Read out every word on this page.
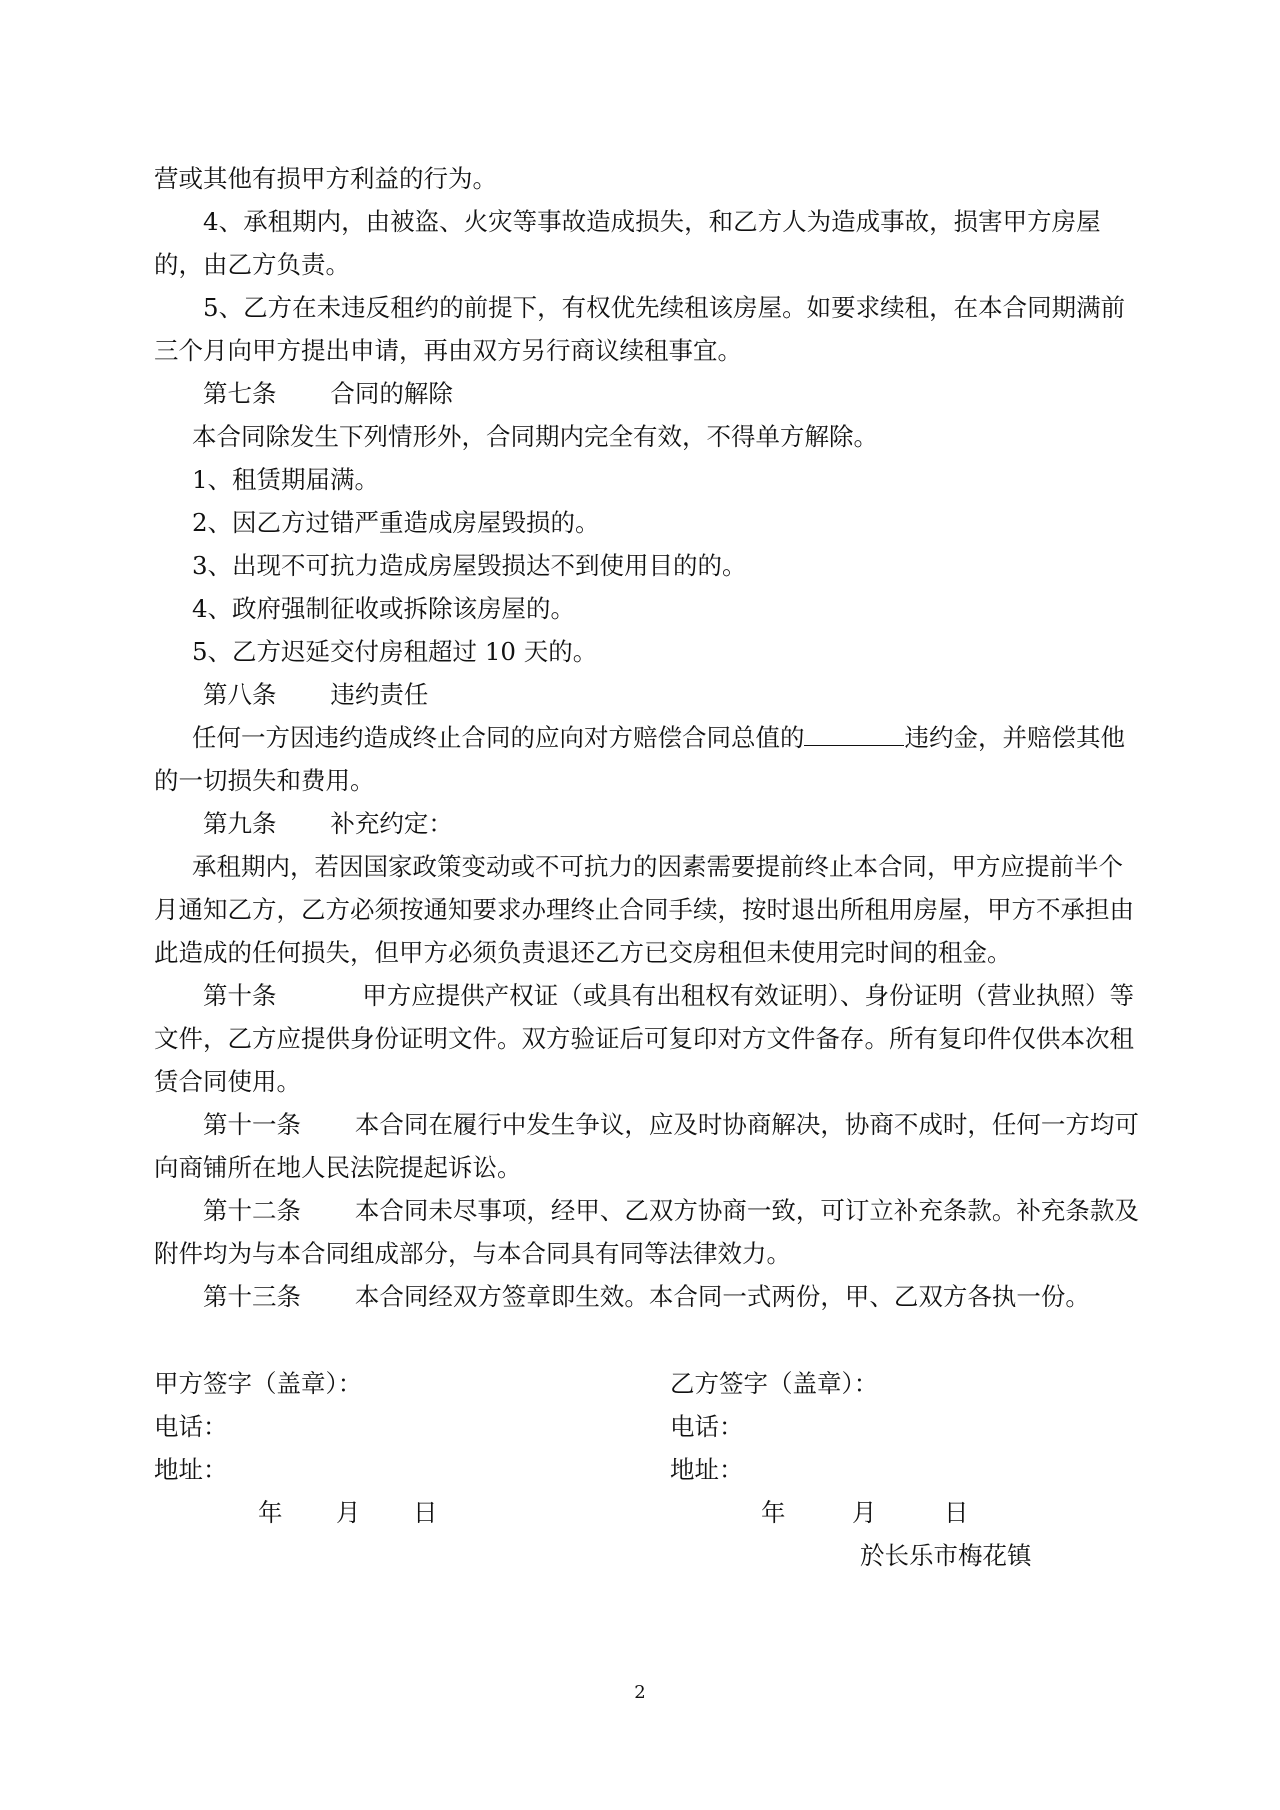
营或其他有损甲方利益的行为。

4、承租期内，由被盗、火灾等事故造成损失，和乙方人为造成事故，损害甲方房屋的，由乙方负责。

5、乙方在未违反租约的前提下，有权优先续租该房屋。如要求续租，在本合同期满前三个月向甲方提出申请，再由双方另行商议续租事宜。

第七条 合同的解除

本合同除发生下列情形外，合同期内完全有效，不得单方解除。

1、租赁期届满。

2、因乙方过错严重造成房屋毁损的。

3、出现不可抗力造成房屋毁损达不到使用目的的。

4、政府强制征收或拆除该房屋的。

5、乙方迟延交付房租超过 10 天的。

第八条 违约责任

任何一方因违约造成终止合同的应向对方赔偿合同总值的	违约金，并赔偿其他的一切损失和费用。

第九条 补充约定：

承租期内，若因国家政策变动或不可抗力的因素需要提前终止本合同，甲方应提前半个月通知乙方，乙方必须按通知要求办理终止合同手续，按时退出所租用房屋，甲方不承担由此造成的任何损失，但甲方必须负责退还乙方已交房租但未使用完时间的租金。

第十条	甲方应提供产权证（或具有出租权有效证明）、身份证明（营业执照）等文件，乙方应提供身份证明文件。双方验证后可复印对方文件备存。所有复印件仅供本次租赁合同使用。

第十一条 本合同在履行中发生争议，应及时协商解决，协商不成时，任何一方均可向商铺所在地人民法院提起诉讼。

第十二条 本合同未尽事项，经甲、乙双方协商一致，可订立补充条款。补充条款及附件均为与本合同组成部分，与本合同具有同等法律效力。

第十三条 本合同经双方签章即生效。本合同一式两份，甲、乙双方各执一份。

甲方签字（盖章）：	乙方签字（盖章）：
电话：	电话：
地址：	地址：
年 月 日	年	月	日
於长乐市梅花镇
2
